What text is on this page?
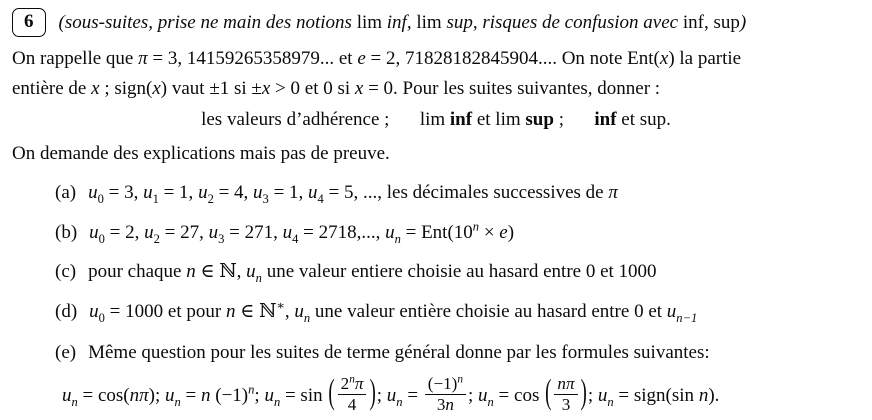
6	(sous-suites, prise ne main des notions lim inf, lim sup, risques de confusion avec inf, sup)
On rappelle que π = 3, 14159265358979... et e = 2, 71828182845904.... On note Ent(x) la partie
entière de x ; sign(x) vaut ±1 si ±x > 0 et 0 si x = 0. Pour les suites suivantes, donner :
les valeurs d’adhérence ; lim inf et lim sup ; inf et sup.
On demande des explications mais pas de preuve.
(a) $u_0 = 3$, $u_1 = 1$, $u_2 = 4$, $u_3 = 1$, $u_4 = 5$, ..., les décimales successives de π
(b) $u_0 = 2$, $u_2 = 27$, $u_3 = 271$, $u_4 = 2718$,..., $u_n = Ent(10^n \times e)$
(c) pour chaque n ∈ ℕ, $u_n$ une valeur entiere choisie au hasard entre 0 et 1000
(d) $u_0 = 1000$ et pour n ∈ ℕ∗, $u_n$ une valeur entière choisie au hasard entre 0 et $u_{n-1}$
(e) Même question pour les suites de terme général donne par les formules suivantes:
$u_n = \cos(n\pi)$; $u_n = n$ $(-1)^n$; $u_n = \sin$ ( $\frac{2^n\pi}{4}$ ); $u_n = \frac{(-1)^n}{3n}$ ; $u_n = \cos$ ( $\frac{n\pi}{3}$ ); $u_n$ = sign(sin n).
